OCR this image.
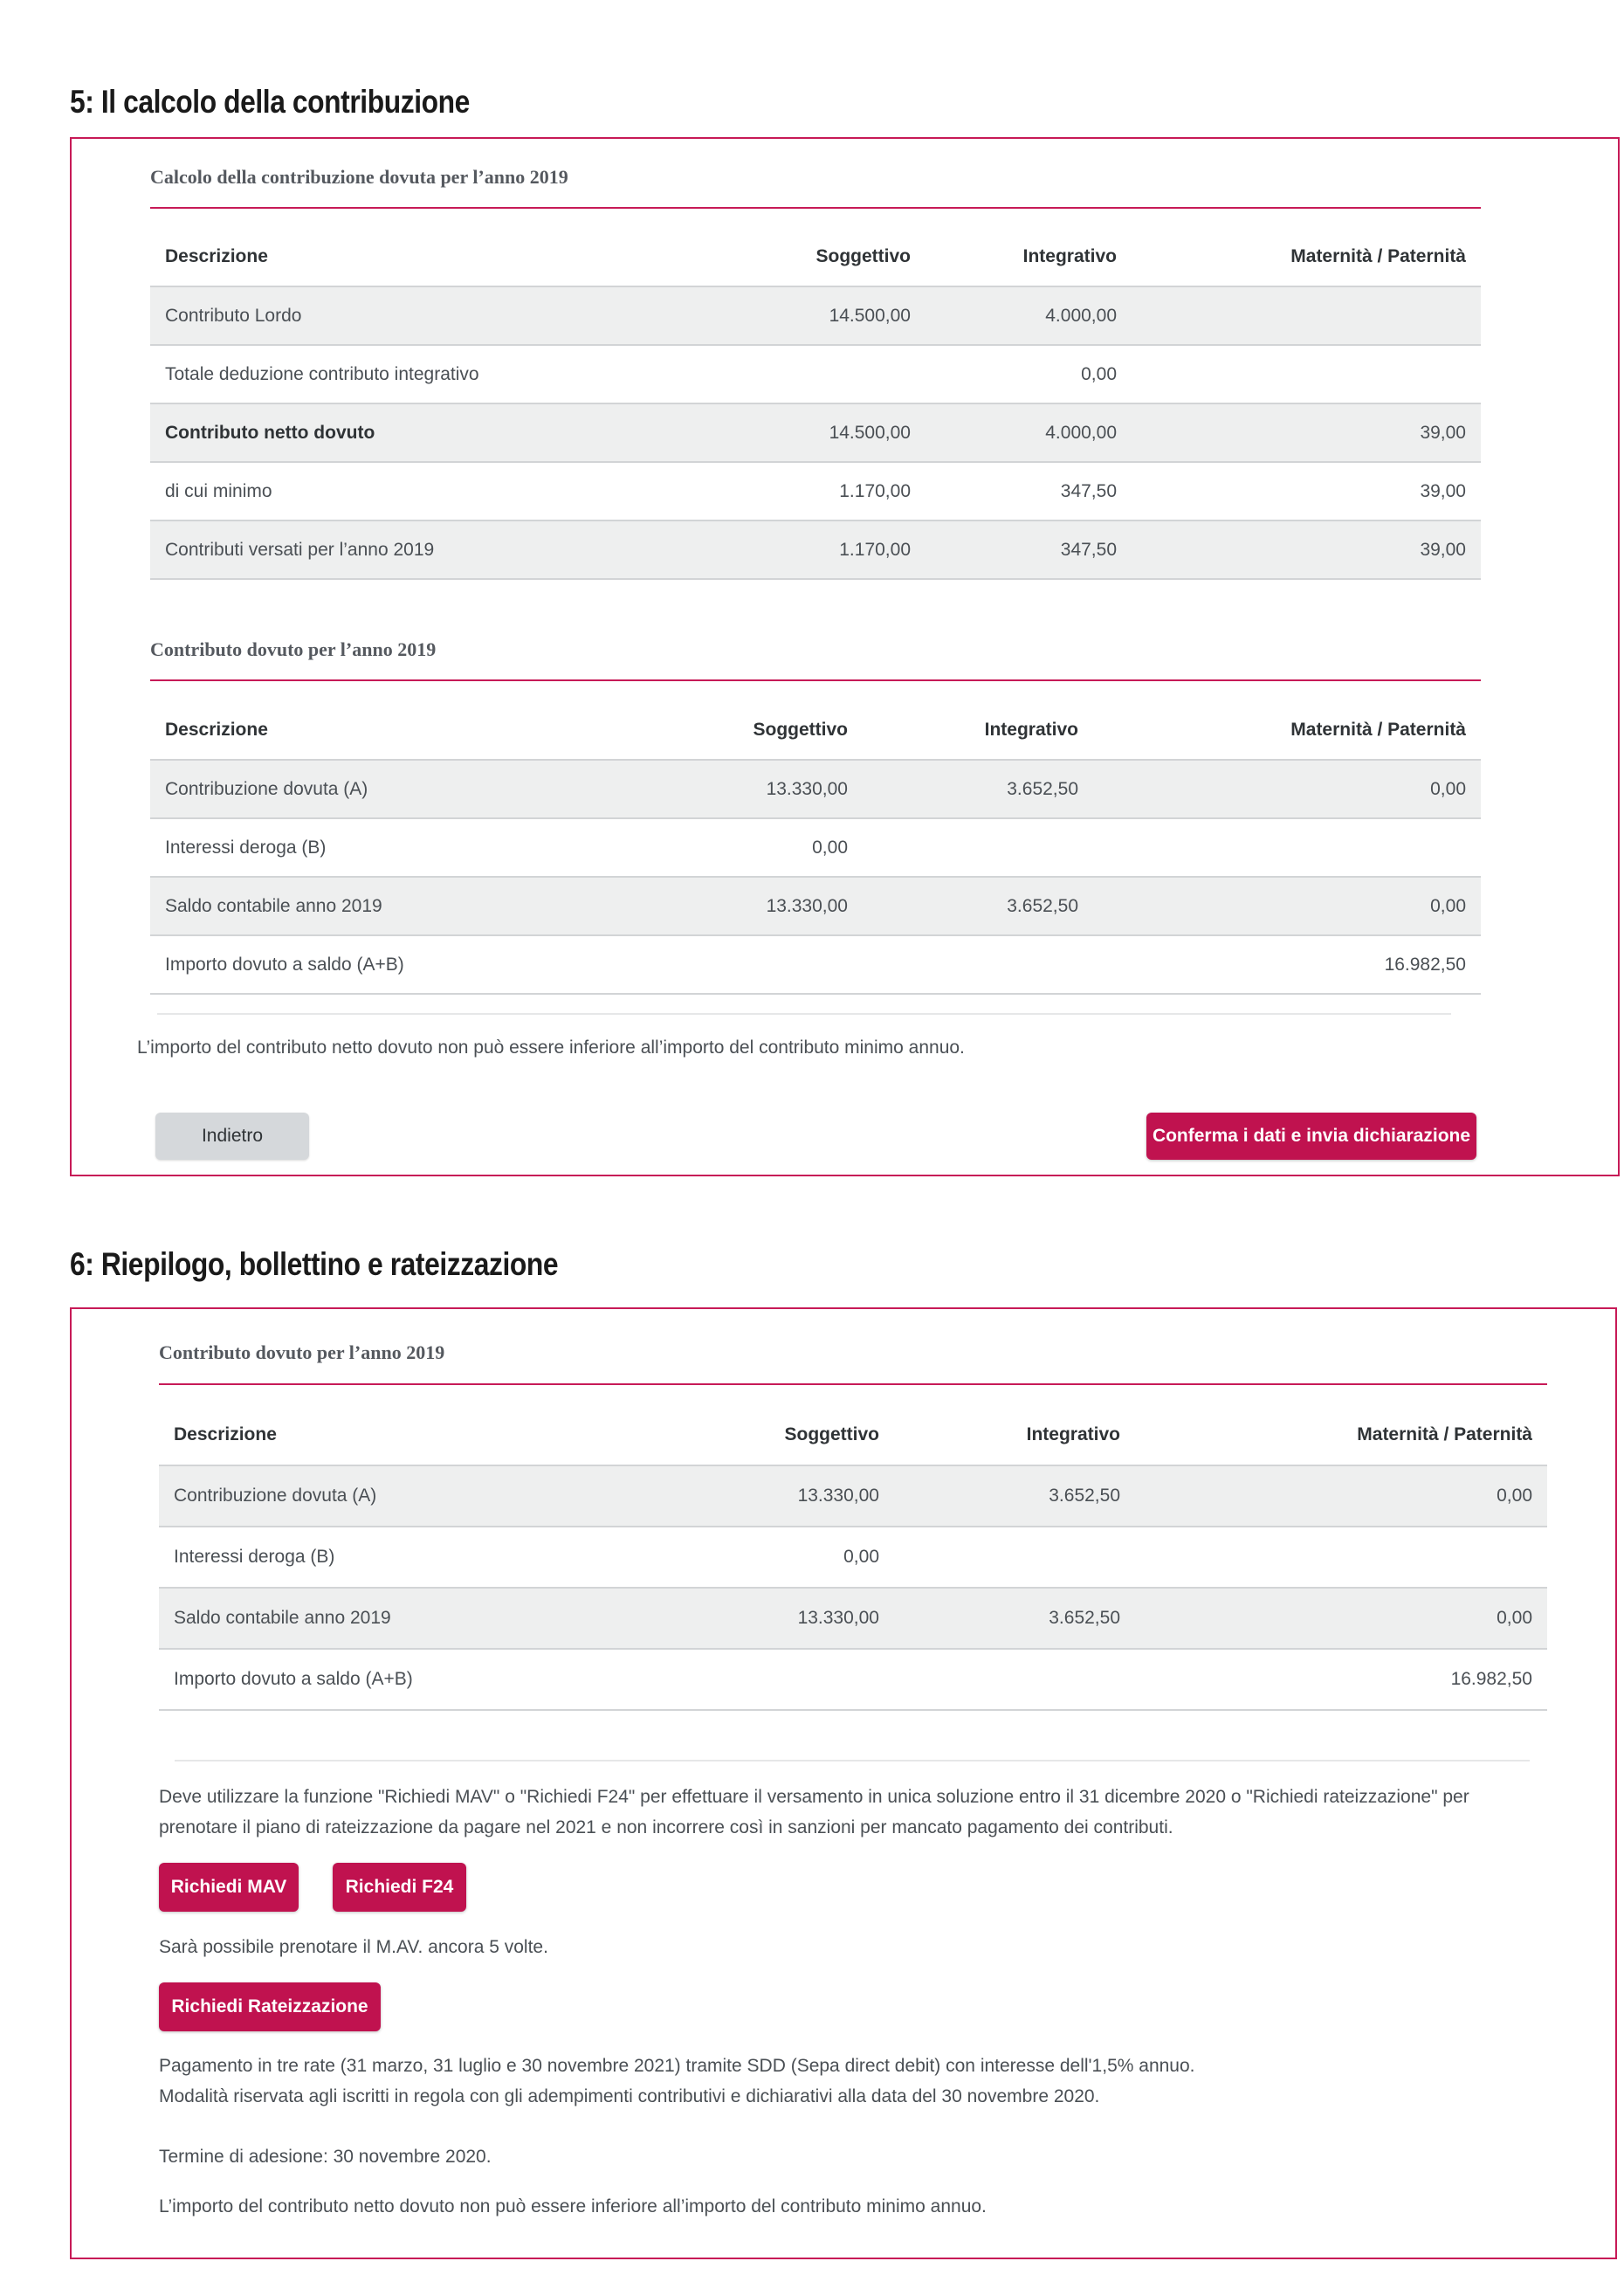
5: Il calcolo della contribuzione
Calcolo della contribuzione dovuta per l’anno 2019
Descrizione	Soggettivo	Integrativo	Maternità / Paternità
Contributo Lordo	14.500,00	4.000,00	
Totale deduzione contributo integrativo		0,00	
Contributo netto dovuto	14.500,00	4.000,00	39,00
di cui minimo	1.170,00	347,50	39,00
Contributi versati per l’anno 2019	1.170,00	347,50	39,00
Contributo dovuto per l’anno 2019
Descrizione	Soggettivo	Integrativo	Maternità / Paternità
Contribuzione dovuta (A)	13.330,00	3.652,50	0,00
Interessi deroga (B)	0,00		
Saldo contabile anno 2019	13.330,00	3.652,50	0,00
Importo dovuto a saldo (A+B)			16.982,50
L’importo del contributo netto dovuto non può essere inferiore all’importo del contributo minimo annuo.
Indietro	Conferma i dati e invia dichiarazione
6: Riepilogo, bollettino e rateizzazione
Contributo dovuto per l’anno 2019
Descrizione	Soggettivo	Integrativo	Maternità / Paternità
Contribuzione dovuta (A)	13.330,00	3.652,50	0,00
Interessi deroga (B)	0,00		
Saldo contabile anno 2019	13.330,00	3.652,50	0,00
Importo dovuto a saldo (A+B)			16.982,50
Deve utilizzare la funzione "Richiedi MAV" o "Richiedi F24" per effettuare il versamento in unica soluzione entro il 31 dicembre 2020 o "Richiedi rateizzazione" per
prenotare il piano di rateizzazione da pagare nel 2021 e non incorrere così in sanzioni per mancato pagamento dei contributi.
Richiedi MAV	Richiedi F24
Sarà possibile prenotare il M.AV. ancora 5 volte.
Richiedi Rateizzazione
Pagamento in tre rate (31 marzo, 31 luglio e 30 novembre 2021) tramite SDD (Sepa direct debit) con interesse dell'1,5% annuo.
Modalità riservata agli iscritti in regola con gli adempimenti contributivi e dichiarativi alla data del 30 novembre 2020.
Termine di adesione: 30 novembre 2020.
L’importo del contributo netto dovuto non può essere inferiore all’importo del contributo minimo annuo.
